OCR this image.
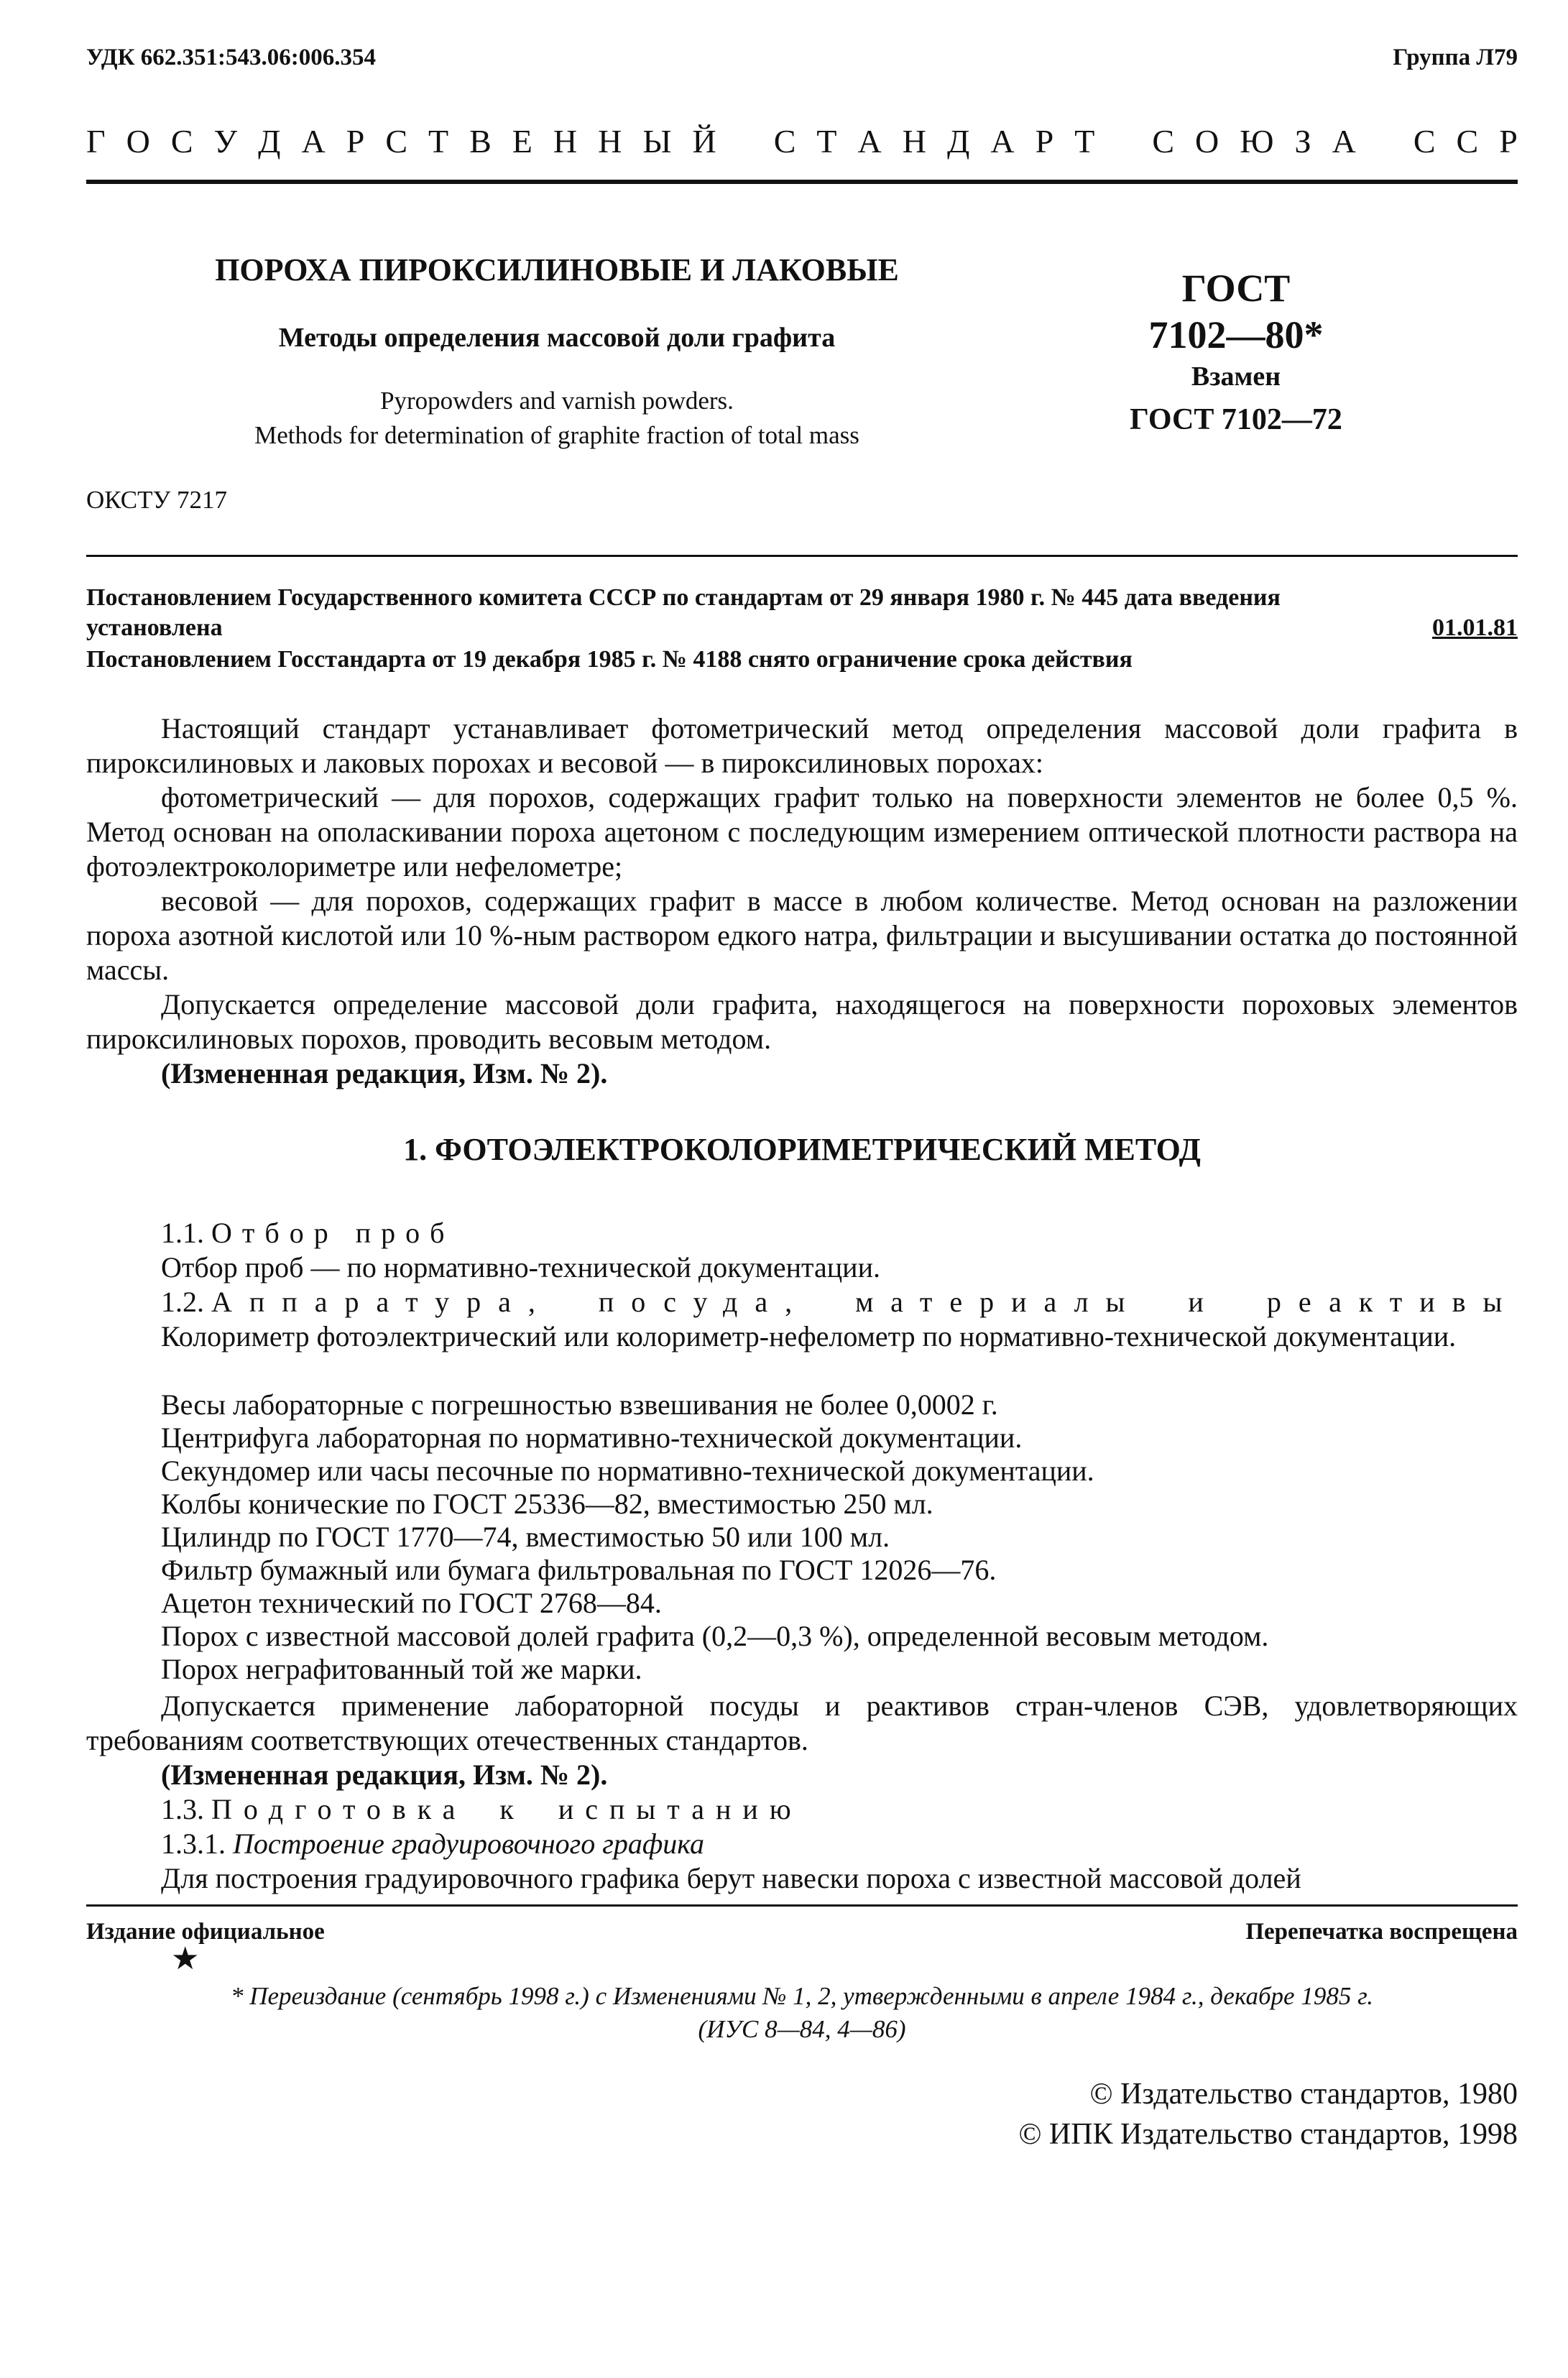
УДК 662.351:543.06:006.354	Группа Л79
Г О С У Д А Р С Т В Е Н Н Ы Й С Т А Н Д А Р Т С О Ю З А С С Р
ПОРОХА ПИРОКСИЛИНОВЫЕ И ЛАКОВЫЕ
Методы определения массовой доли графита
Pyropowders and varnish powders.
Methods for determination of graphite fraction of total mass
ОКСТУ 7217
ГОСТ
7102—80*
Взамен
ГОСТ 7102—72
Постановлением Государственного комитета СССР по стандартам от 29 января 1980 г. № 445 дата введения
установлена	01.01.81
Постановлением Госстандарта от 19 декабря 1985 г. № 4188 снято ограничение срока действия
Настоящий стандарт устанавливает фотометрический метод определения массовой доли графита в пироксилиновых и лаковых порохах и весовой — в пироксилиновых порохах:
фотометрический — для порохов, содержащих графит только на поверхности элементов не более 0,5 %. Метод основан на ополаскивании пороха ацетоном с последующим измерением оптической плотности раствора на фотоэлектроколориметре или нефелометре;
весовой — для порохов, содержащих графит в массе в любом количестве. Метод основан на разложении пороха азотной кислотой или 10 %-ным раствором едкого натра, фильтрации и высушивании остатка до постоянной массы.
Допускается определение массовой доли графита, находящегося на поверхности пороховых элементов пироксилиновых порохов, проводить весовым методом.
(Измененная редакция, Изм. № 2).
1. ФОТОЭЛЕКТРОКОЛОРИМЕТРИЧЕСКИЙ МЕТОД
1.1. Отбор проб
Отбор проб — по нормативно-технической документации.
1.2. Аппаратура, посуда, материалы и реактивы
Колориметр фотоэлектрический или колориметр-нефелометр по нормативно-технической документации.
Весы лабораторные с погрешностью взвешивания не более 0,0002 г.
Центрифуга лабораторная по нормативно-технической документации.
Секундомер или часы песочные по нормативно-технической документации.
Колбы конические по ГОСТ 25336—82, вместимостью 250 мл.
Цилиндр по ГОСТ 1770—74, вместимостью 50 или 100 мл.
Фильтр бумажный или бумага фильтровальная по ГОСТ 12026—76.
Ацетон технический по ГОСТ 2768—84.
Порох с известной массовой долей графита (0,2—0,3 %), определенной весовым методом.
Порох неграфитованный той же марки.
Допускается применение лабораторной посуды и реактивов стран-членов СЭВ, удовлетворяющих требованиям соответствующих отечественных стандартов.
(Измененная редакция, Изм. № 2).
1.3. Подготовка к испытанию
1.3.1. Построение градуировочного графика
Для построения градуировочного графика берут навески пороха с известной массовой долей
Издание официальное
★
Перепечатка воспрещена
* Переиздание (сентябрь 1998 г.) с Изменениями № 1, 2, утвержденными в апреле 1984 г., декабре 1985 г.
(ИУС 8—84, 4—86)
© Издательство стандартов, 1980
© ИПК Издательство стандартов, 1998
